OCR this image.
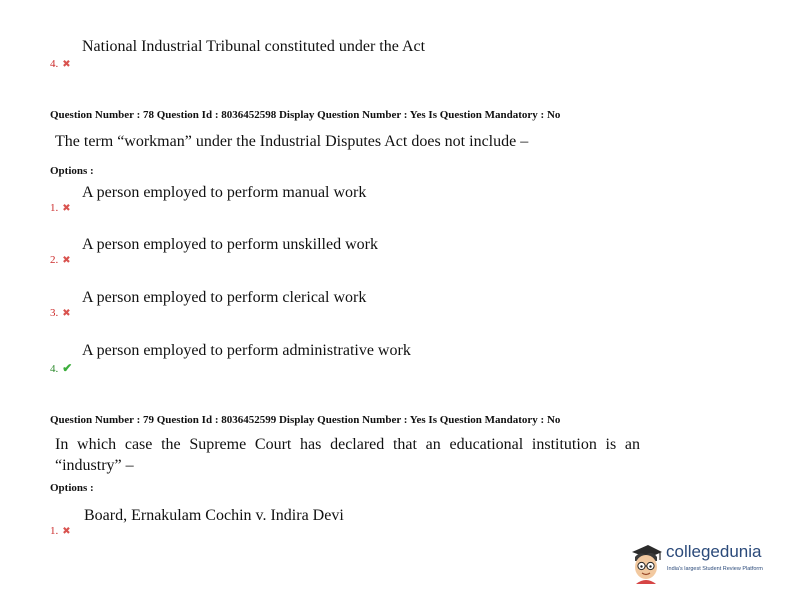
National Industrial Tribunal constituted under the Act
4. ✖
Question Number : 78 Question Id : 8036452598 Display Question Number : Yes Is Question Mandatory : No
The term “workman” under the Industrial Disputes Act does not include –
Options :
A person employed to perform manual work
1. ✖
A person employed to perform unskilled work
2. ✖
A person employed to perform clerical work
3. ✖
A person employed to perform administrative work
4. ✔
Question Number : 79 Question Id : 8036452599 Display Question Number : Yes Is Question Mandatory : No
In which case the Supreme Court has declared that an educational institution is an “industry” –
Options :
Board, Ernakulam Cochin v. Indira Devi
1. ✖
collegedunia
India's largest Student Review Platform
